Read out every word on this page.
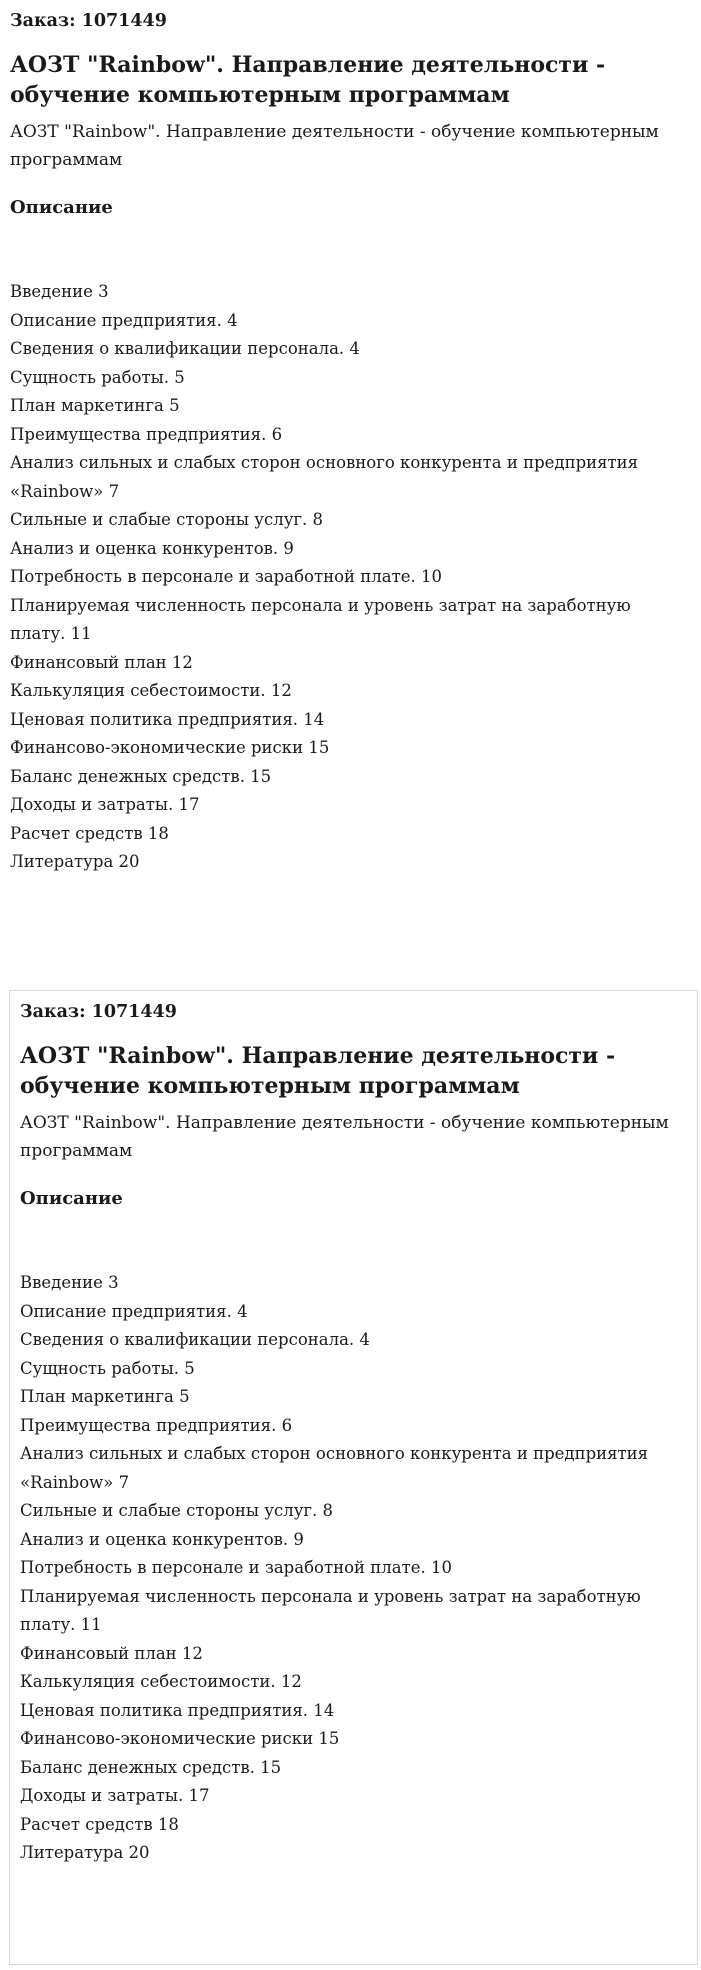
Заказ: 1071449

АОЗТ "Rainbow". Направление деятельности - обучение компьютерным программам

АОЗТ "Rainbow". Направление деятельности - обучение компьютерным программам

Описание
Введение 3
Описание предприятия. 4
Сведения о квалификации персонала. 4
Сущность работы. 5
План маркетинга 5
Преимущества предприятия. 6
Анализ сильных и слабых сторон основного конкурента и предприятия
«Rainbow» 7
Сильные и слабые стороны услуг. 8
Анализ и оценка конкурентов. 9
Потребность в персонале и заработной плате. 10
Планируемая численность персонала и уровень затрат на заработную плату. 11
Финансовый план 12
Калькуляция себестоимости. 12
Ценовая политика предприятия. 14
Финансово-экономические риски 15
Баланс денежных средств. 15
Доходы и затраты. 17
Расчет средств 18
Литература 20

Заказ: 1071449

АОЗТ "Rainbow". Направление деятельности - обучение компьютерным программам

АОЗТ "Rainbow". Направление деятельности - обучение компьютерным программам

Описание
Введение 3
Описание предприятия. 4
Сведения о квалификации персонала. 4
Сущность работы. 5
План маркетинга 5
Преимущества предприятия. 6
Анализ сильных и слабых сторон основного конкурента и предприятия
«Rainbow» 7
Сильные и слабые стороны услуг. 8
Анализ и оценка конкурентов. 9
Потребность в персонале и заработной плате. 10
Планируемая численность персонала и уровень затрат на заработную плату. 11
Финансовый план 12
Калькуляция себестоимости. 12
Ценовая политика предприятия. 14
Финансово-экономические риски 15
Баланс денежных средств. 15
Доходы и затраты. 17
Расчет средств 18
Литература 20
